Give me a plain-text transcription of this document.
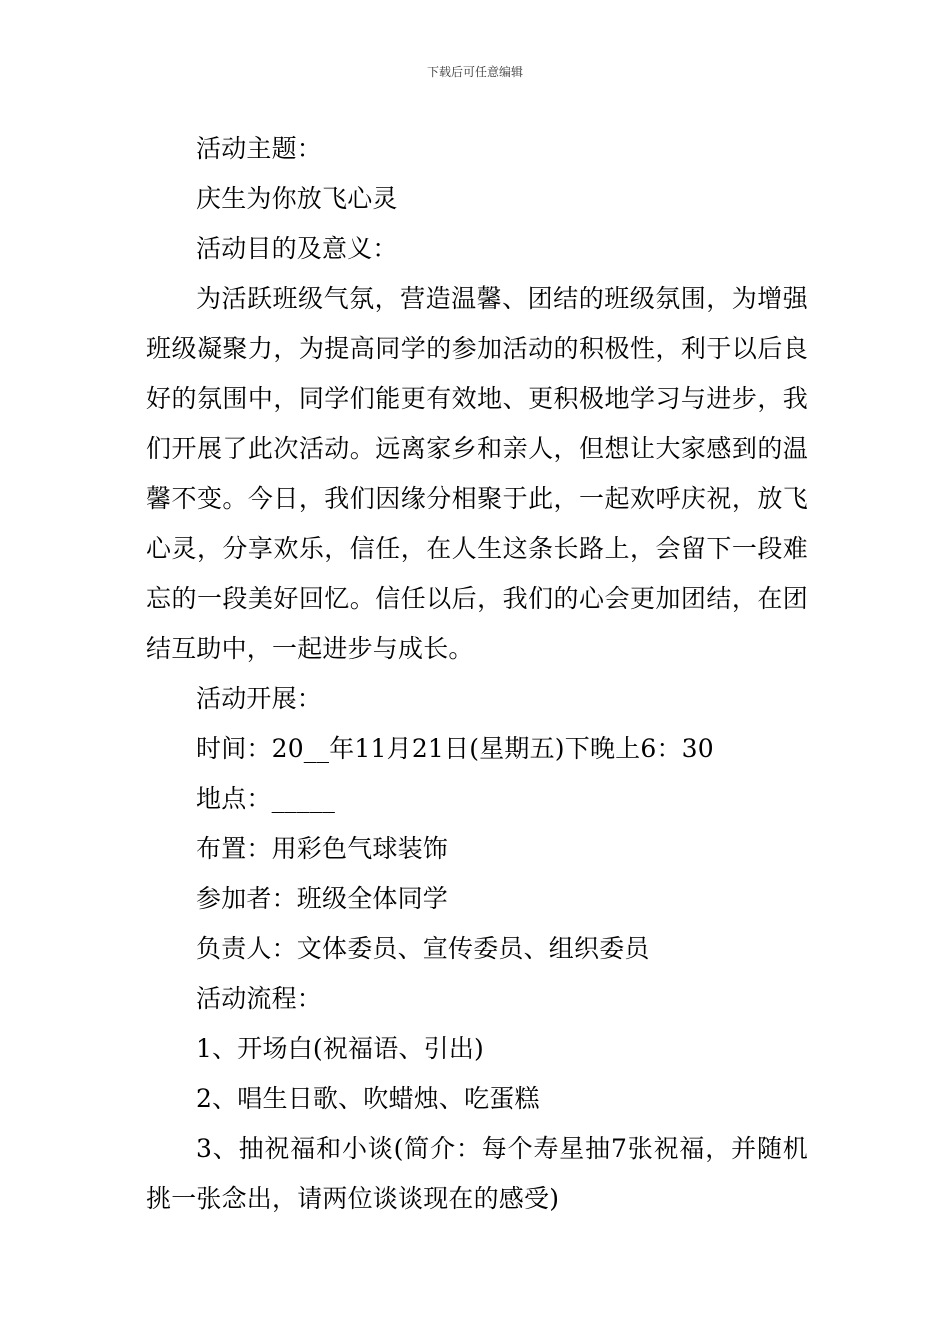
下载后可任意编辑

活动主题：

庆生为你放飞心灵

活动目的及意义：

为活跃班级气氛，营造温馨、团结的班级氛围，为增强班级凝聚力，为提高同学的参加活动的积极性，利于以后良好的氛围中，同学们能更有效地、更积极地学习与进步，我们开展了此次活动。远离家乡和亲人，但想让大家感到的温馨不变。今日，我们因缘分相聚于此，一起欢呼庆祝，放飞心灵，分享欢乐，信任，在人生这条长路上，会留下一段难忘的一段美好回忆。信任以后，我们的心会更加团结，在团结互助中，一起进步与成长。

活动开展：

时间：20__年11月21日(星期五)下晚上6：30

地点：_____

布置：用彩色气球装饰

参加者：班级全体同学

负责人：文体委员、宣传委员、组织委员

活动流程：

1、开场白(祝福语、引出)

2、唱生日歌、吹蜡烛、吃蛋糕

3、抽祝福和小谈(简介：每个寿星抽7张祝福，并随机挑一张念出，请两位谈谈现在的感受)
